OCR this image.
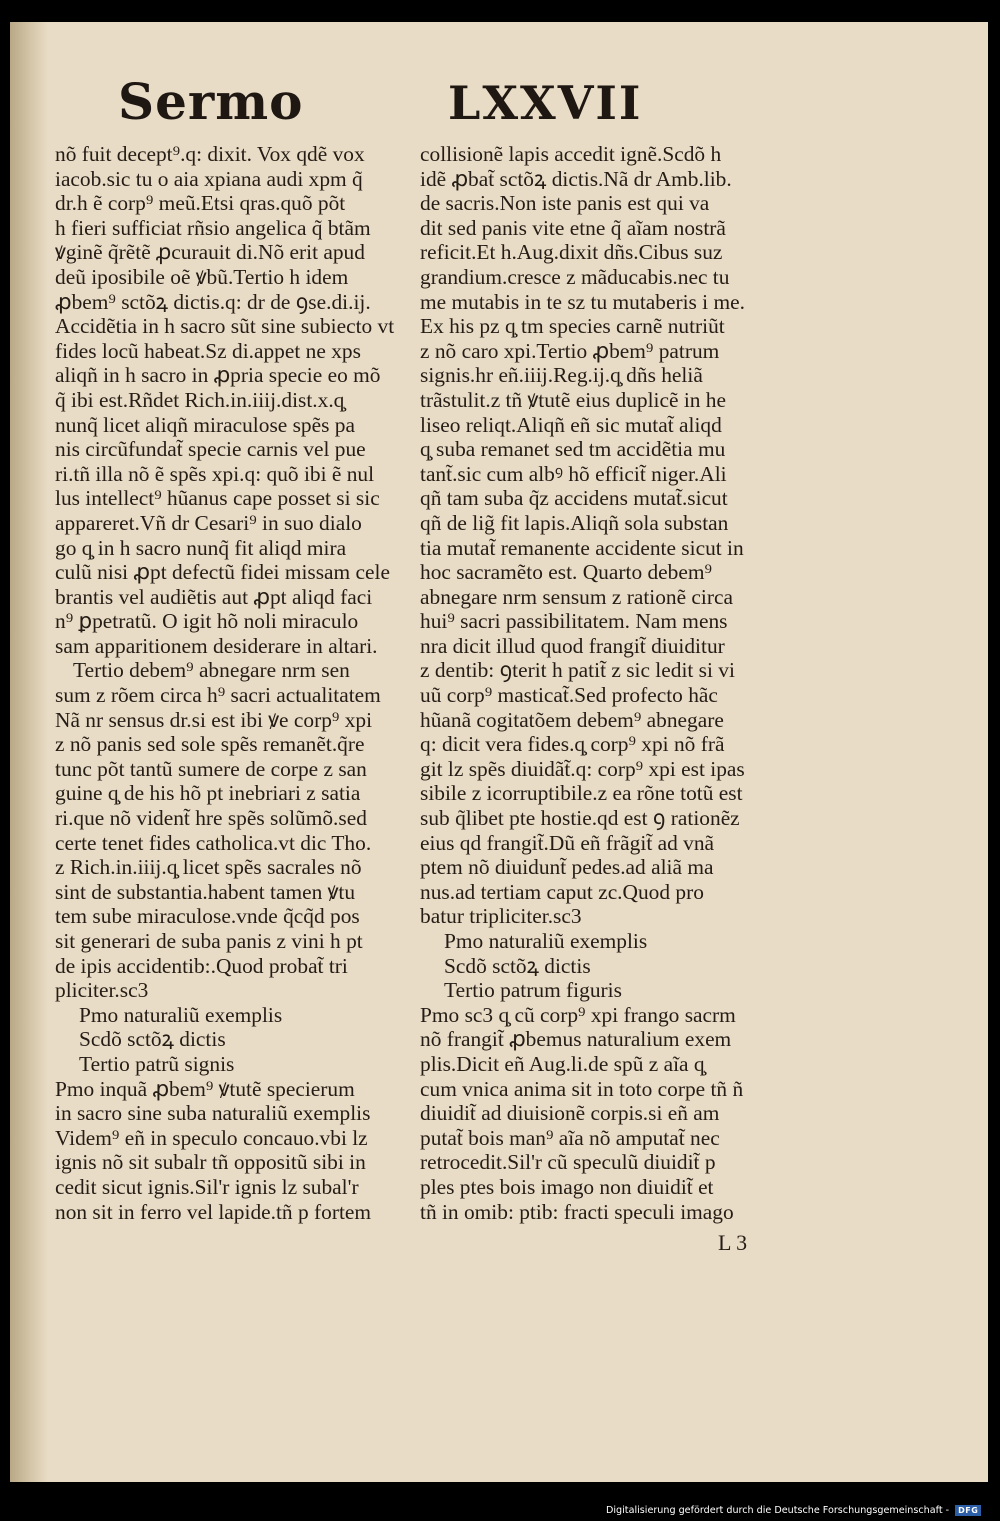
Sermo	LXXVII
nõ fuit decept⁹.q: dixit. Vox qdẽ vox
iacob.sic tu o aia xpiana audi xpm q̃
dr.h ẽ corp⁹ meũ.Etsi qras.quõ põt
h fieri sufficiat rñsio angelica q̃ btãm
ꝟginẽ q̃rẽtẽ ꝓcurauit di.Nõ erit apud
deũ iposibile oẽ ꝟbũ.Tertio h idem
ꝓbem⁹ sctõꝝ dictis.q: dr de ꝯse.di.ij.
Accidẽtia in h sacro sũt sine subiecto vt
fides locũ habeat.Sz di.appet ne xps
aliqñ in h sacro in ꝓpria specie eo mõ
q̃ ibi est.Rñdet Rich.in.iiij.dist.x.q̧
nunq̃ licet aliqñ miraculose spẽs pa
nis circũfundat̃ specie carnis vel pue
ri.tñ illa nõ ẽ spẽs xpi.q: quõ ibi ẽ nul
lus intellect⁹ hũanus cape posset si sic
appareret.Vñ dr Cesari⁹ in suo dialo
go q̧ in h sacro nunq̃ fit aliqd mira
culũ nisi ꝓpt defectũ fidei missam cele
brantis vel audiẽtis aut ꝓpt aliqd faci
n⁹ ꝑpetratũ. O igit hõ noli miraculo
sam apparitionem desiderare in altari.
Tertio debem⁹ abnegare nrm sen
sum z rõem circa h⁹ sacri actualitatem
Nã nr sensus dr.si est ibi ꝟe corp⁹ xpi
z nõ panis sed sole spẽs remanẽt.q̃re
tunc põt tantũ sumere de corpe z san
guine q̧ de his hõ pt inebriari z satia
ri.que nõ vident̃ hre spẽs solũmõ.sed
certe tenet fides catholica.vt dic Tho.
z Rich.in.iiij.q̧ licet spẽs sacrales nõ
sint de substantia.habent tamen ꝟtu
tem sube miraculose.vnde q̃cq̃d pos
sit generari de suba panis z vini h pt
de ipis accidentib:.Quod probat̃ tri
pliciter.sc3
Pmo naturaliũ exemplis
Scdõ sctõꝝ dictis
Tertio patrũ signis
Pmo inquã ꝓbem⁹ ꝟtutẽ specierum
in sacro sine suba naturaliũ exemplis
Videm⁹ eñ in speculo concauo.vbi lz
ignis nõ sit subalr tñ oppositũ sibi in
cedit sicut ignis.Sil'r ignis lz subal'r
non sit in ferro vel lapide.tñ p fortem
collisionẽ lapis accedit ignẽ.Scdõ h
idẽ ꝓbat̃ sctõꝝ dictis.Nã dr Amb.lib.
de sacris.Non iste panis est qui va
dit sed panis vite etne q̃ aĩam nostrã
reficit.Et h.Aug.dixit dñs.Cibus suz
grandium.cresce z mãducabis.nec tu
me mutabis in te sz tu mutaberis i me.
Ex his pz q̧ tm species carnẽ nutriũt
z nõ caro xpi.Tertio ꝓbem⁹ patrum
signis.hr eñ.iiij.Reg.ij.q̧ dñs heliã
trãstulit.z tñ ꝟtutẽ eius duplicẽ in he
liseo reliqt.Aliqñ eñ sic mutat̃ aliqd
q̧ suba remanet sed tm accidẽtia mu
tant̃.sic cum albꝰ hõ efficit̃ niger.Ali
qñ tam suba q̃z accidens mutat̃.sicut
qñ de lig̃ fit lapis.Aliqñ sola substan
tia mutat̃ remanente accidente sicut in
hoc sacramẽto est. Quarto debem⁹
abnegare nrm sensum z rationẽ circa
hui⁹ sacri passibilitatem. Nam mens
nra dicit illud quod frangit̃ diuiditur
z dentib: ꝯterit h patit̃ z sic ledit si vi
uũ corp⁹ masticat̃.Sed profecto hãc
hũanã cogitatõem debem⁹ abnegare
q: dicit vera fides.q̧ corp⁹ xpi nõ frã
git lz spẽs diuidãt̃.q: corp⁹ xpi est ipas
sibile z icorruptibile.z ea rõne totũ est
sub q̃libet pte hostie.qd est ꝯ rationẽz
eius qd frangit̃.Dũ eñ frãgit̃ ad vnã
ptem nõ diuidunt̃ pedes.ad aliã ma
nus.ad tertiam caput zc.Quod pro
batur tripliciter.sc3
Pmo naturaliũ exemplis
Scdõ sctõꝝ dictis
Tertio patrum figuris
Pmo sc3 q̧ cũ corp⁹ xpi frango sacrm
nõ frangit̃ ꝓbemus naturalium exem
plis.Dicit eñ Aug.li.de spũ z aĩa q̧
cum vnica anima sit in toto corpe tñ ñ
diuidit̃ ad diuisionẽ corpis.si eñ am
putat̃ bois man⁹ aĩa nõ amputat̃ nec
retrocedit.Sil'r cũ speculũ diuidit̃ p
ples ptes bois imago non diuidit̃ et
tñ in omib: ptib: fracti speculi imago
L 3
Digitalisierung gefördert durch die Deutsche Forschungsgemeinschaft -	DFG
